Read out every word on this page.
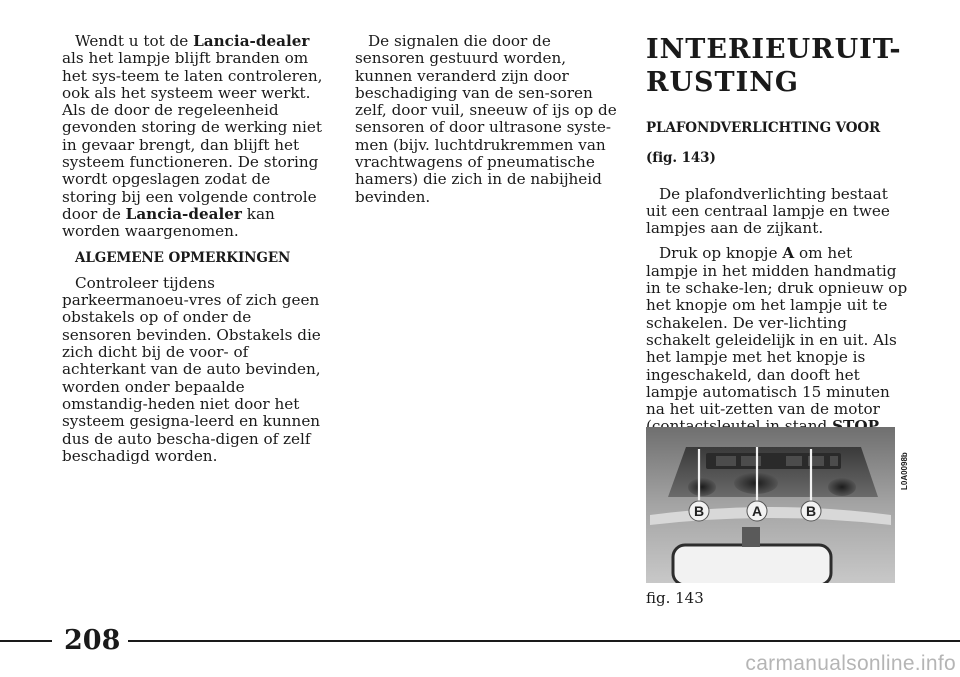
Wendt u tot de Lancia-dealer als het lampje blijft branden om het sys-teem te laten controleren, ook als het systeem weer werkt. Als de door de regeleenheid gevonden storing de werking niet in gevaar brengt, dan blijft het systeem functioneren. De storing wordt opgeslagen zodat de storing bij een volgende controle door de Lancia-dealer kan worden waargenomen.

ALGEMENE OPMERKINGEN

Controleer tijdens parkeermanoeu-vres of zich geen obstakels op of onder de sensoren bevinden. Obstakels die zich dicht bij de voor- of achterkant van de auto bevinden, worden onder bepaalde omstandig-heden niet door het systeem gesigna-leerd en kunnen dus de auto bescha-digen of zelf beschadigd worden.

De signalen die door de sensoren gestuurd worden, kunnen veranderd zijn door beschadiging van de sen-soren zelf, door vuil, sneeuw of ijs op de sensoren of door ultrasone syste-men (bijv. luchtdrukremmen van vrachtwagens of pneumatische hamers) die zich in de nabijheid bevinden.

INTERIEURUIT-
RUSTING

PLAFONDVERLICHTING VOOR

(fig. 143)

De plafondverlichting bestaat uit een centraal lampje en twee lampjes aan de zijkant.

Druk op knopje A om het lampje in het midden handmatig in te schake-len; druk opnieuw op het knopje om het lampje uit te schakelen. De ver-lichting schakelt geleidelijk in en uit. Als het lampje met het knopje is ingeschakeld, dan dooft het lampje automatisch 15 minuten na het uit-zetten van de motor

B	A	B
L0A0098b
fig. 143
208
carmanualsonline.info
